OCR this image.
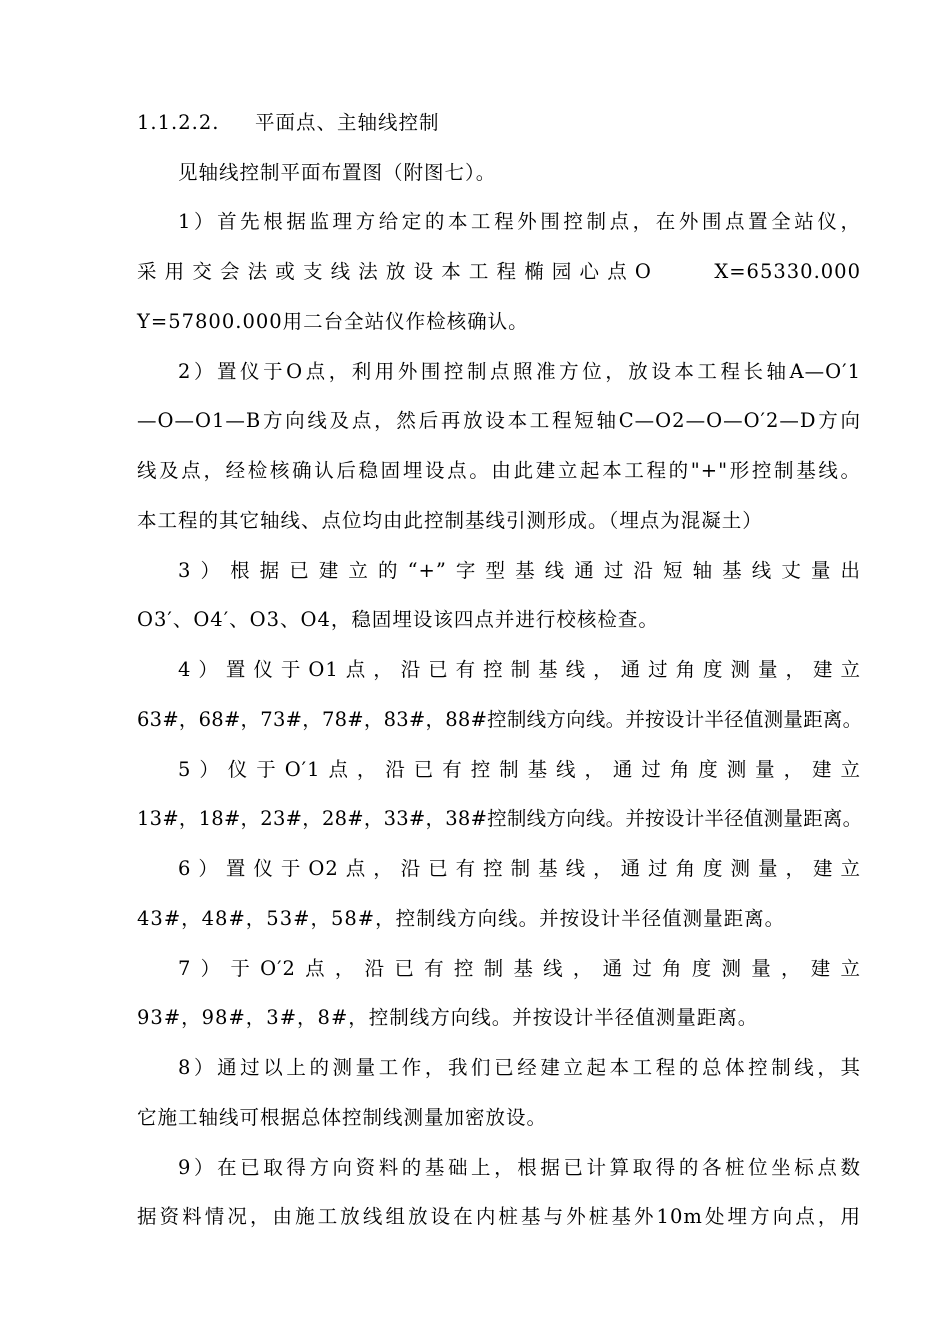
1.1.2.2. 平面点、主轴线控制
见轴线控制平面布置图（附图七）。
1）首先根据监理方给定的本工程外围控制点，在外围点置全站仪，
采用交会法或支线法放设本工程椭园心点O　　X=65330.000
Y=57800.000用二台全站仪作检核确认。
2）置仪于O点，利用外围控制点照准方位，放设本工程长轴A—O′1
—O—O1—B方向线及点，然后再放设本工程短轴C—O2—O—O′2—D方向
线及点，经检核确认后稳固埋设点。由此建立起本工程的"+"形控制基线。
本工程的其它轴线、点位均由此控制基线引测形成。（埋点为混凝土）
3）根据已建立的“+”字型基线通过沿短轴基线丈量出
O3′、O4′、O3、O4，稳固埋设该四点并进行校核检查。
4）置仪于O1点，沿已有控制基线，通过角度测量，建立
63#，68#，73#，78#，83#，88#控制线方向线。并按设计半径值测量距离。
5）仪于O′1点，沿已有控制基线，通过角度测量，建立
13#，18#，23#，28#，33#，38#控制线方向线。并按设计半径值测量距离。
6）置仪于O2点，沿已有控制基线，通过角度测量，建立
43#，48#，53#，58#，控制线方向线。并按设计半径值测量距离。
7）于O′2点，沿已有控制基线，通过角度测量，建立
93#，98#，3#，8#，控制线方向线。并按设计半径值测量距离。
8）通过以上的测量工作，我们已经建立起本工程的总体控制线，其
它施工轴线可根据总体控制线测量加密放设。
9）在已取得方向资料的基础上，根据已计算取得的各桩位坐标点数
据资料情况，由施工放线组放设在内桩基与外桩基外10m处埋方向点，用
